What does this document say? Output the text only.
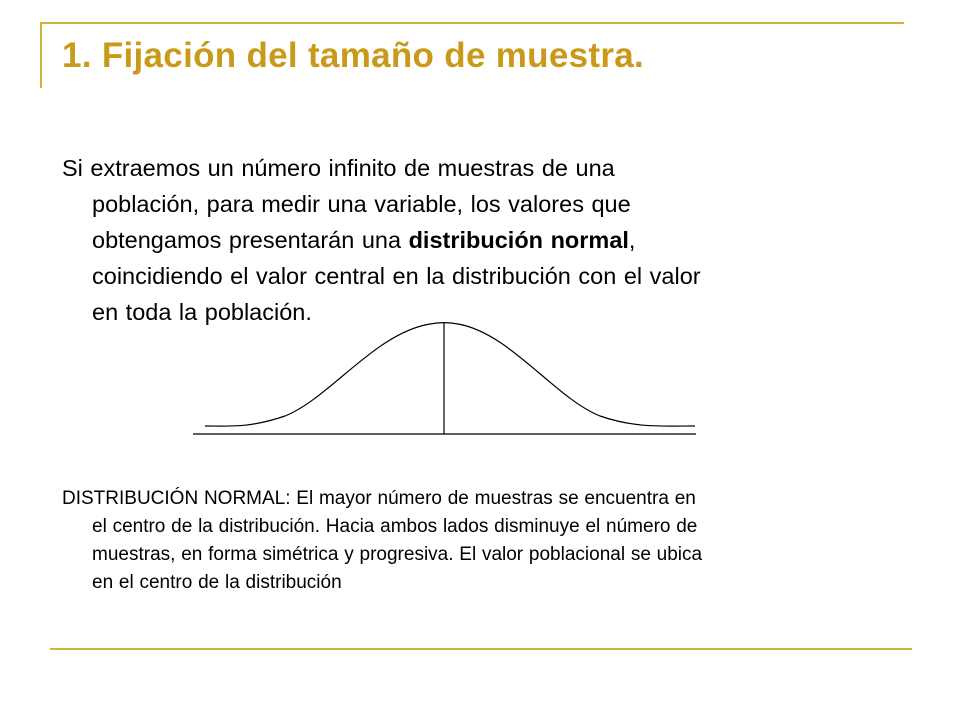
1. Fijación del tamaño de muestra.

Si extraemos un número infinito de muestras de una
población, para medir una variable, los valores que
obtengamos presentarán una distribución normal,
coincidiendo el valor central en la distribución con el valor
en toda la población.

DISTRIBUCIÓN NORMAL: El mayor número de muestras se encuentra en
el centro de la distribución. Hacia ambos lados disminuye el número de
muestras, en forma simétrica y progresiva. El valor poblacional se ubica
en el centro de la distribución
